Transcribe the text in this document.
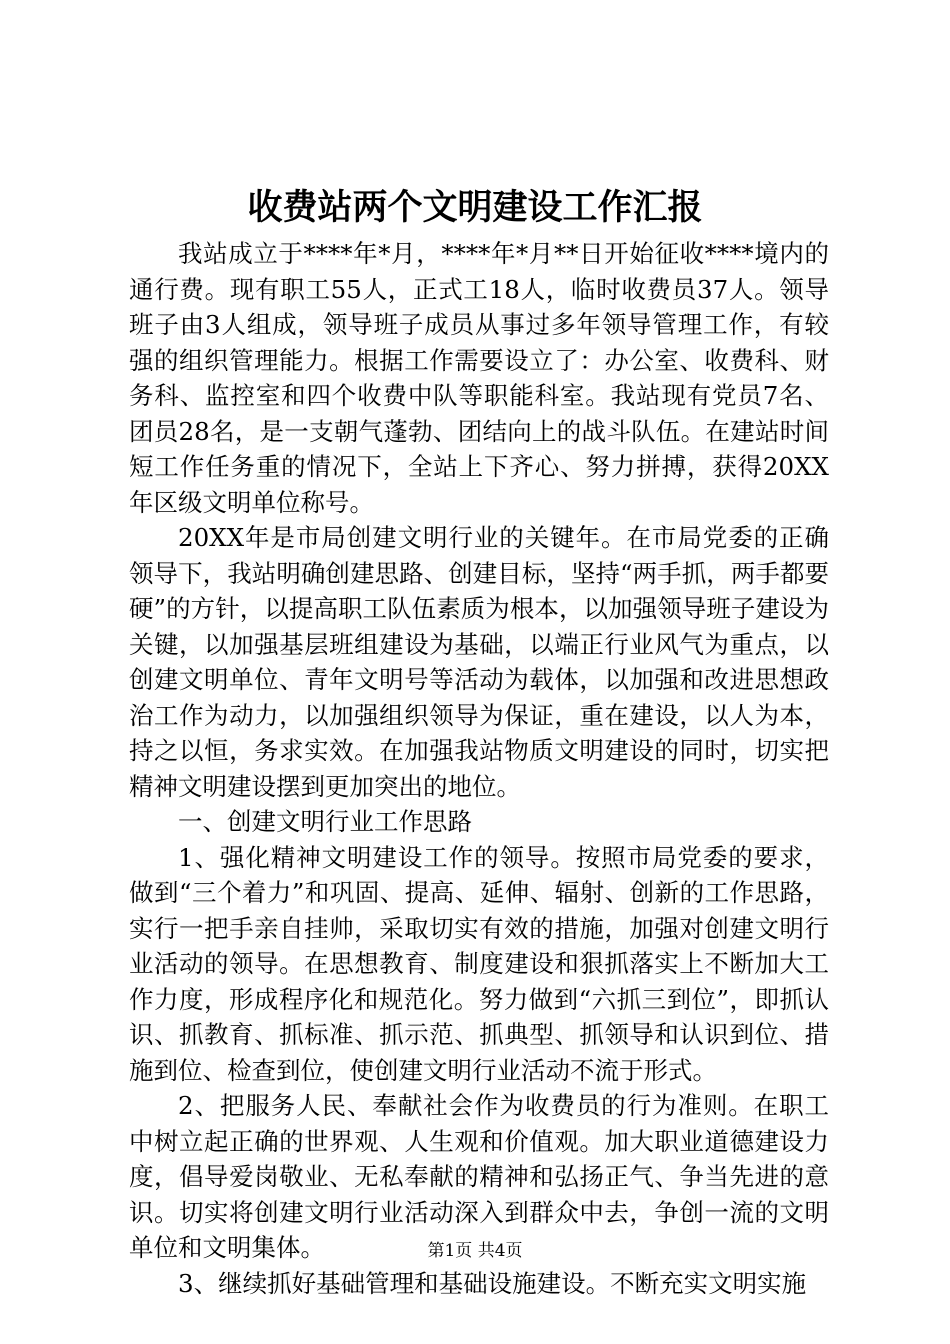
收费站两个文明建设工作汇报

我站成立于****年*月，****年*月**日开始征收****境内的通行费。现有职工55人，正式工18人，临时收费员37人。领导班子由3人组成，领导班子成员从事过多年领导管理工作，有较强的组织管理能力。根据工作需要设立了：办公室、收费科、财务科、监控室和四个收费中队等职能科室。我站现有党员7名、团员28名，是一支朝气蓬勃、团结向上的战斗队伍。在建站时间短工作任务重的情况下，全站上下齐心、努力拼搏，获得20XX年区级文明单位称号。

20XX年是市局创建文明行业的关键年。在市局党委的正确领导下，我站明确创建思路、创建目标，坚持“两手抓，两手都要硬”的方针，以提高职工队伍素质为根本，以加强领导班子建设为关键，以加强基层班组建设为基础，以端正行业风气为重点，以创建文明单位、青年文明号等活动为载体，以加强和改进思想政治工作为动力，以加强组织领导为保证，重在建设，以人为本，持之以恒，务求实效。在加强我站物质文明建设的同时，切实把精神文明建设摆到更加突出的地位。

一、创建文明行业工作思路

1、强化精神文明建设工作的领导。按照市局党委的要求，做到“三个着力”和巩固、提高、延伸、辐射、创新的工作思路，实行一把手亲自挂帅，采取切实有效的措施，加强对创建文明行业活动的领导。在思想教育、制度建设和狠抓落实上不断加大工作力度，形成程序化和规范化。努力做到“六抓三到位”，即抓认识、抓教育、抓标准、抓示范、抓典型、抓领导和认识到位、措施到位、检查到位，使创建文明行业活动不流于形式。

2、把服务人民、奉献社会作为收费员的行为准则。在职工中树立起正确的世界观、人生观和价值观。加大职业道德建设力度，倡导爱岗敬业、无私奉献的精神和弘扬正气、争当先进的意识。切实将创建文明行业活动深入到群众中去，争创一流的文明单位和文明集体。

3、继续抓好基础管理和基础设施建设。不断充实文明实施

第1页 共4页
